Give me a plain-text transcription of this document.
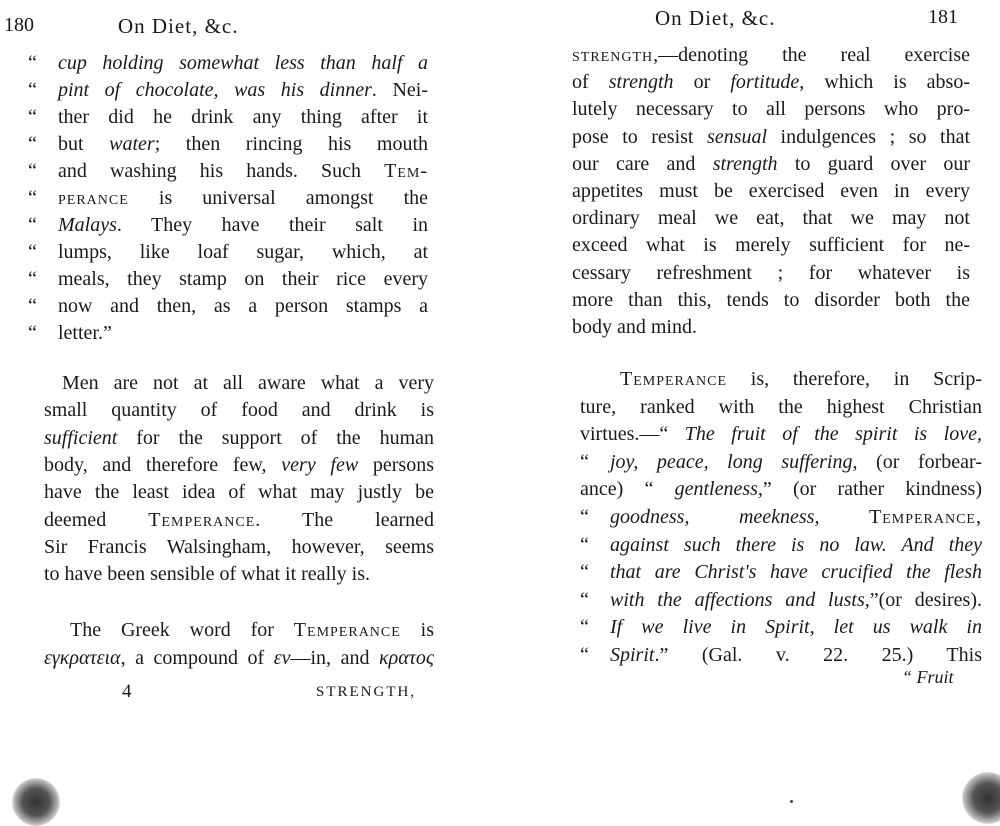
180	On Diet, &c.
“ cup holding somewhat less than half a
“ pint of chocolate, was his dinner. Nei-
“ ther did he drink any thing after it
“ but water; then rincing his mouth
“ and washing his hands. Such Tem-
“ perance is universal amongst the
“ Malays. They have their salt in
“ lumps, like loaf sugar, which, at
“ meals, they stamp on their rice every
“ now and then, as a person stamps a
“ letter.”
Men are not at all aware what a very
small quantity of food and drink is
sufficient for the support of the human
body, and therefore few, very few persons
have the least idea of what may justly be
deemed Temperance. The learned
Sir Francis Walsingham, however, seems
to have been sensible of what it really is.
The Greek word for Temperance is
εγκρατεια, a compound of εν—in, and κρατος
4	STRENGTH,
On Diet, &c.	181
strength,—denoting the real exercise
of strength or fortitude, which is abso-
lutely necessary to all persons who pro-
pose to resist sensual indulgences ; so that
our care and strength to guard over our
appetites must be exercised even in every
ordinary meal we eat, that we may not
exceed what is merely sufficient for ne-
cessary refreshment ; for whatever is
more than this, tends to disorder both the
body and mind.
Temperance is, therefore, in Scrip-
ture, ranked with the highest Christian
virtues.—“ The fruit of the spirit is love,
“ joy, peace, long suffering, (or forbear-
ance) “ gentleness,” (or rather kindness)
“ goodness, meekness, Temperance,
“ against such there is no law. And they
“ that are Christ's have crucified the flesh
“ with the affections and lusts,”(or desires).
“ If we live in Spirit, let us walk in
“ Spirit.” (Gal. v. 22. 25.) This
“ Fruit
